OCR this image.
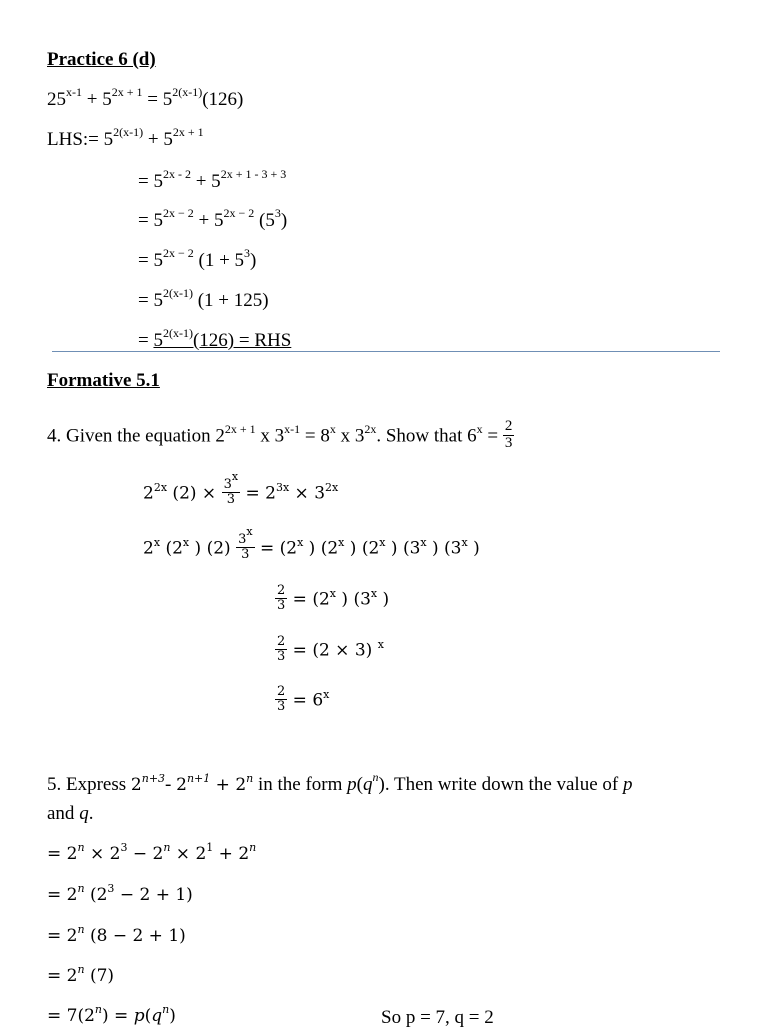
Practice 6 (d)
$25^{x-1} + 5^{2x + 1} = 5^{2(x-1)}(126)$
LHS:= $5^{2(x-1)} + 5^{2x + 1}$
= $5^{2x - 2} + 5^{2x + 1 - 3 + 3}$
= $5^{2x - 2} + 5^{2x - 2}$ $(5^3)$
= $5^{2x - 2}$ $(1 + 5^3)$
= $5^{2(x-1)}$ (1 + 125)
= $5^{2(x-1)}(126)$ = RHS
Formative 5.1
4. Given the equation $2^{2x + 1}$ x $3^{x-1} = 8^x$ x $3^{2x}$. Show that $6^x = \frac{2}{3}$
$2^{2x}$ $(2) \times \frac{3^x}{3} = 2^{3x} \times 3^{2x}$
2$^x$ (2$^x$ ) $(2) \frac{3^x}{3} = (2^x$ ) (2$^x$ ) (2$^x$ ) (3$^x$ ) (3$^x$ )
$\frac{2}{3} = (2^x$ ) (3$^x$ )
$\frac{2}{3} = (2 \times 3)$ $^x$
$\frac{2}{3} = 6^x$
5. Express $2^{n+3}-$ $2^{n+1} + 2^n$ in the form $p(q^n)$. Then write down the value of p
and q.
= $2^n \times 2^3 - 2^n \times 2^1 + 2^n$
= $2^n$ $(2^3 - 2 + 1)$
= $2^n$ (8 − 2 + 1)
= $2^n$ (7)
= $7(2^n) = p(q^n)$	So p = 7, q = 2
